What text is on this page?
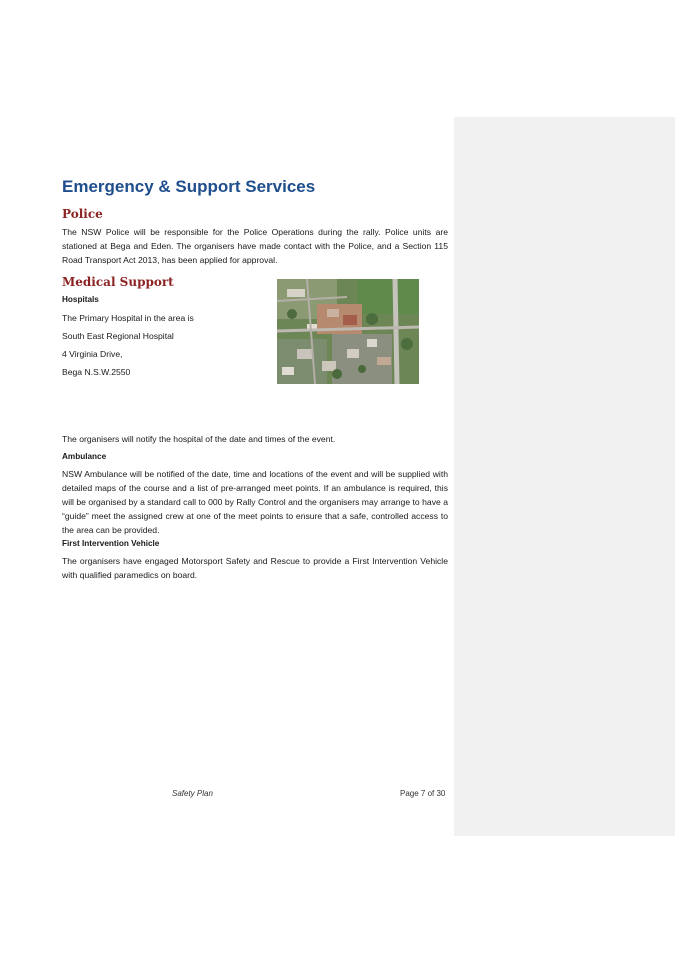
Emergency & Support Services
Police

The NSW Police will be responsible for the Police Operations during the rally. Police units are stationed at Bega and Eden. The organisers have made contact with the Police, and a Section 115 Road Transport Act 2013, has been applied for approval.

Medical Support

Hospitals

The Primary Hospital in the area is

South East Regional Hospital

4 Virginia Drive,

Bega N.S.W.2550

The organisers will notify the hospital of the date and times of the event.

Ambulance

NSW Ambulance will be notified of the date, time and locations of the event and will be supplied with detailed maps of the course and a list of pre-arranged meet points. If an ambulance is required, this will be organised by a standard call to 000 by Rally Control and the organisers may arrange to have a “guide” meet the assigned crew at one of the meet points to ensure that a safe, controlled access to the area can be provided.

First Intervention Vehicle

The organisers have engaged Motorsport Safety and Rescue to provide a First Intervention Vehicle with qualified paramedics on board.

Safety Plan	Page 7 of 30
